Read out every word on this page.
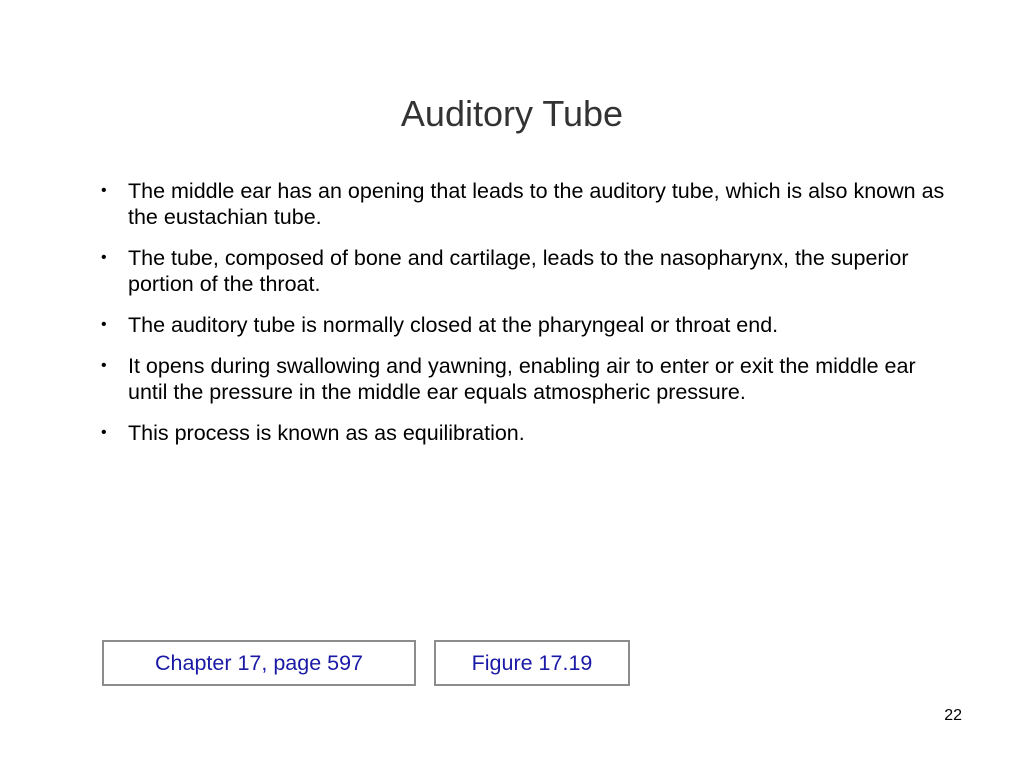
Auditory Tube
• The middle ear has an opening that leads to the auditory tube, which is also known as the eustachian tube.
• The tube, composed of bone and cartilage, leads to the nasopharynx, the superior portion of the throat.
• The auditory tube is normally closed at the pharyngeal or throat end.
• It opens during swallowing and yawning, enabling air to enter or exit the middle ear until the pressure in the middle ear equals atmospheric pressure.
• This process is known as as equilibration.
Chapter 17, page 597	Figure 17.19
22
